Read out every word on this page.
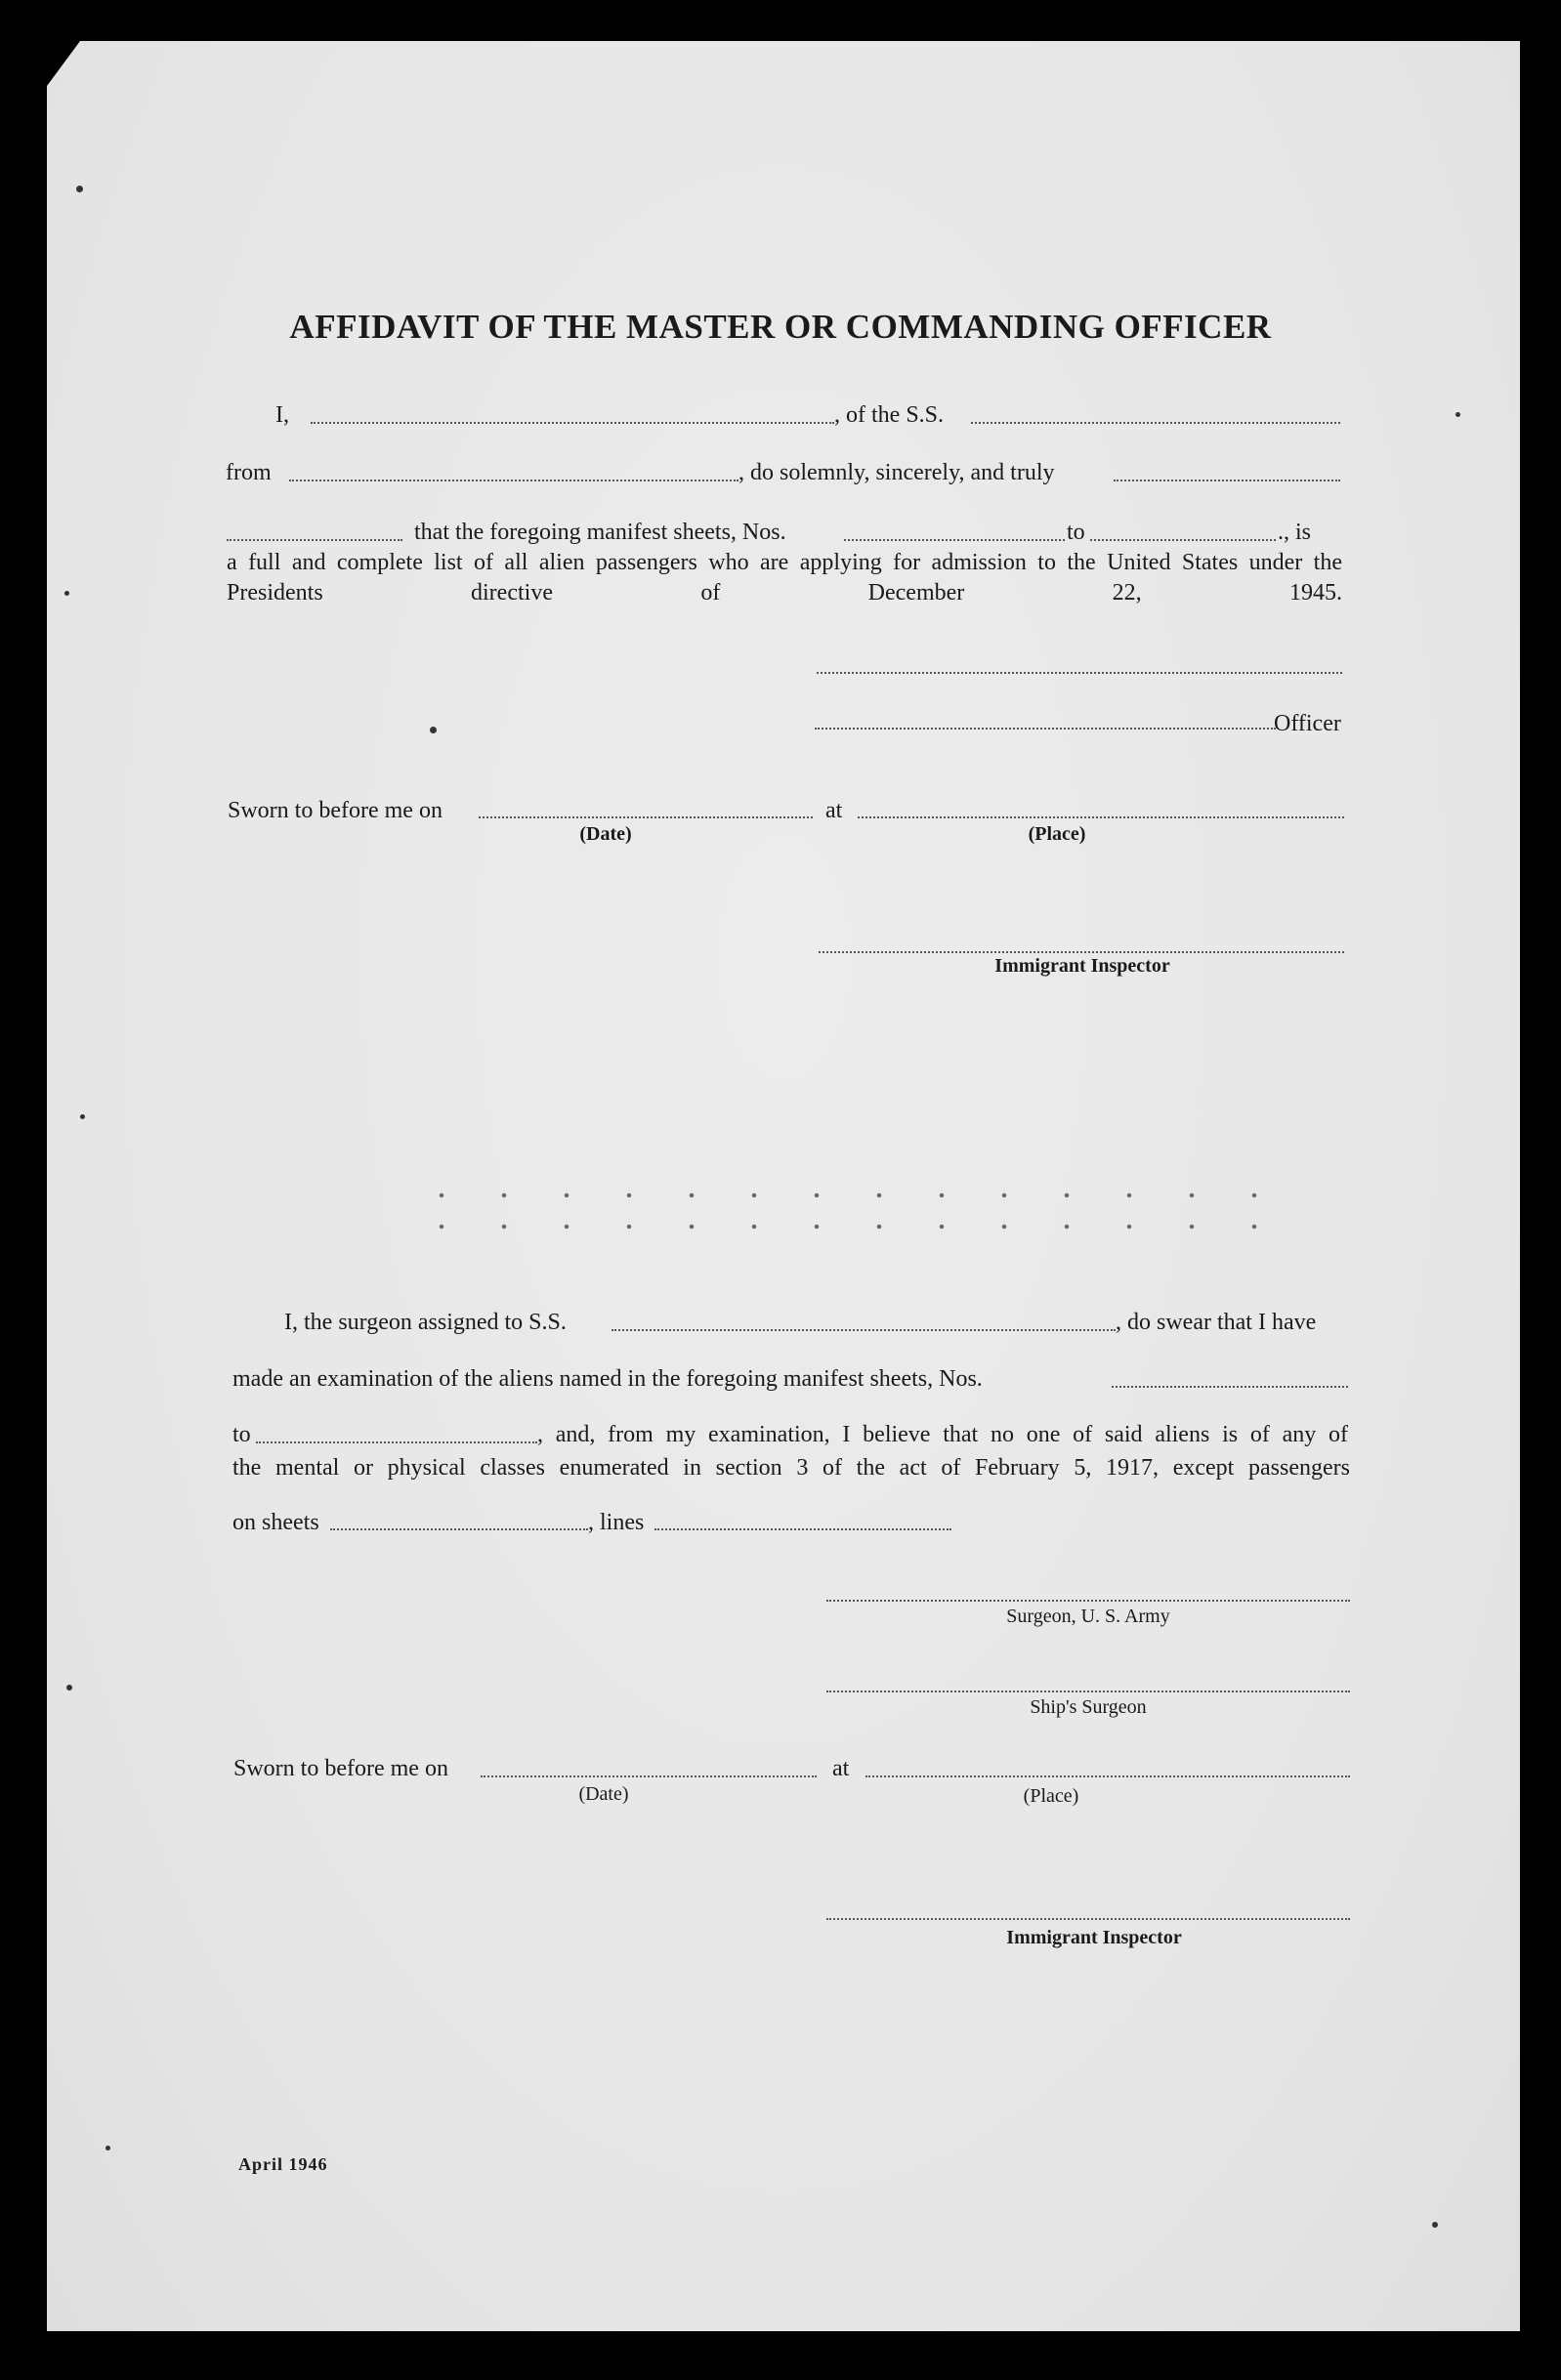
AFFIDAVIT OF THE MASTER OR COMMANDING OFFICER
I,	, of the S.S.
from	, do solemnly, sincerely, and truly
that the foregoing manifest sheets, Nos.	to	., is
a full and complete list of all alien passengers who are applying for admission to the United States under the Presidents directive of December 22, 1945.
Officer
Sworn to before me on	at
(Date)	(Place)
Immigrant Inspector
I, the surgeon assigned to S.S.	, do swear that I have
made an examination of the aliens named in the foregoing manifest sheets, Nos.
to	, and, from my examination, I believe that no one of said aliens is of any of
the mental or physical classes enumerated in section 3 of the act of February 5, 1917, except passengers
on sheets	, lines
Surgeon, U. S. Army
Ship's Surgeon
Sworn to before me on	at
(Date)	(Place)
Immigrant Inspector
April 1946
